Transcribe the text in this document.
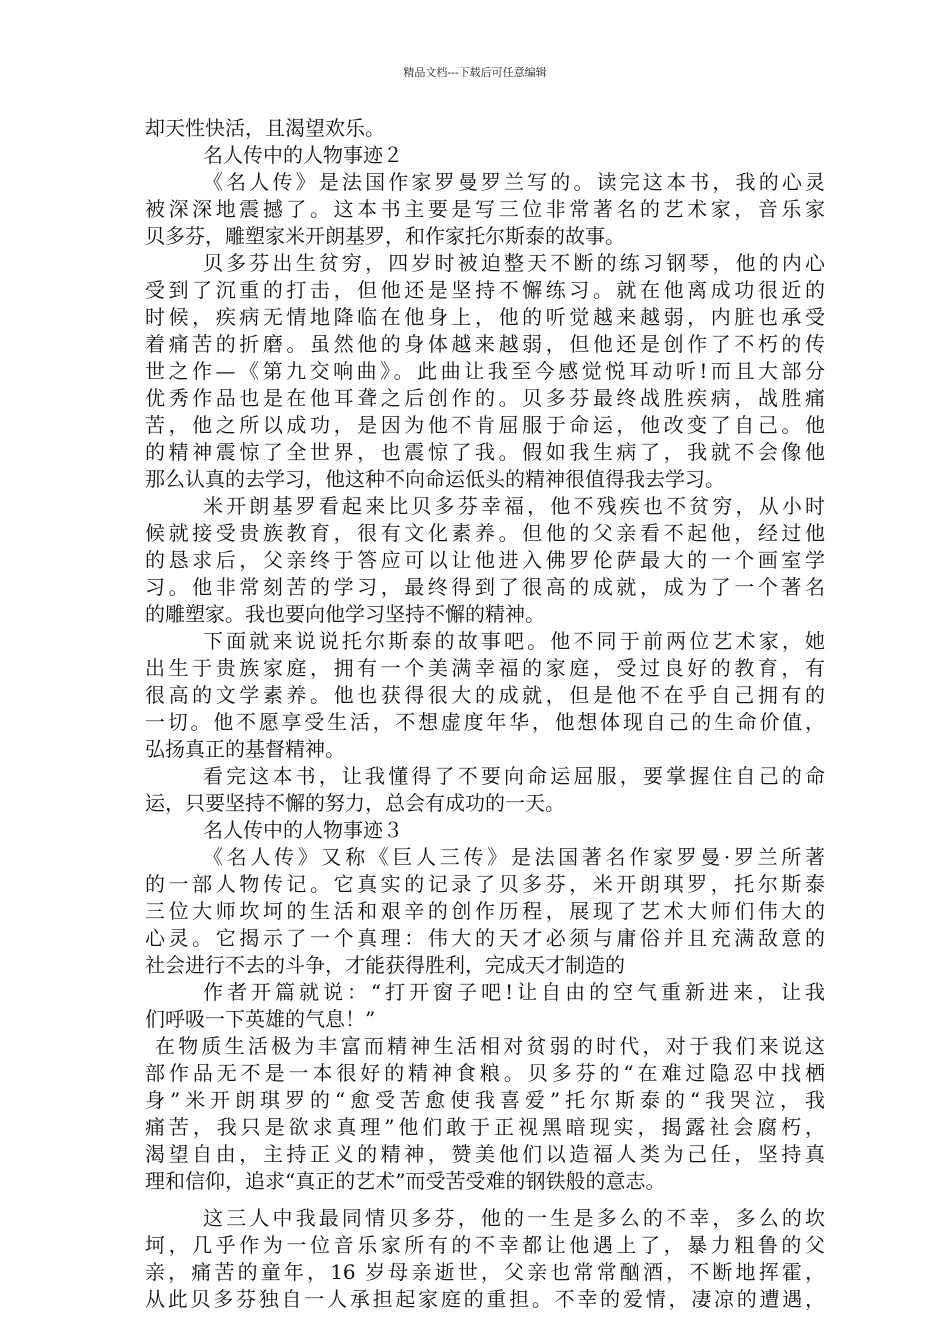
精品文档---下载后可任意编辑
却天性快活，且渴望欢乐。
名人传中的人物事迹２
《名人传》是法国作家罗曼罗兰写的。读完这本书，我的心灵
被深深地震撼了。这本书主要是写三位非常著名的艺术家，音乐家
贝多芬，雕塑家米开朗基罗，和作家托尔斯泰的故事。
贝多芬出生贫穷，四岁时被迫整天不断的练习钢琴，他的内心
受到了沉重的打击，但他还是坚持不懈练习。就在他离成功很近的
时候，疾病无情地降临在他身上，他的听觉越来越弱，内脏也承受
着痛苦的折磨。虽然他的身体越来越弱，但他还是创作了不朽的传
世之作—《第九交响曲》。此曲让我至今感觉悦耳动听!而且大部分
优秀作品也是在他耳聋之后创作的。贝多芬最终战胜疾病，战胜痛
苦，他之所以成功，是因为他不肯屈服于命运，他改变了自己。他
的精神震惊了全世界，也震惊了我。假如我生病了，我就不会像他
那么认真的去学习，他这种不向命运低头的精神很值得我去学习。
米开朗基罗看起来比贝多芬幸福，他不残疾也不贫穷，从小时
候就接受贵族教育，很有文化素养。但他的父亲看不起他，经过他
的恳求后，父亲终于答应可以让他进入佛罗伦萨最大的一个画室学
习。他非常刻苦的学习，最终得到了很高的成就，成为了一个著名
的雕塑家。我也要向他学习坚持不懈的精神。
下面就来说说托尔斯泰的故事吧。他不同于前两位艺术家，她
出生于贵族家庭，拥有一个美满幸福的家庭，受过良好的教育，有
很高的文学素养。他也获得很大的成就，但是他不在乎自己拥有的
一切。他不愿享受生活，不想虚度年华，他想体现自己的生命价值，
弘扬真正的基督精神。
看完这本书，让我懂得了不要向命运屈服，要掌握住自己的命
运，只要坚持不懈的努力，总会有成功的一天。
名人传中的人物事迹３
《名人传》又称《巨人三传》是法国著名作家罗曼·罗兰所著
的一部人物传记。它真实的记录了贝多芬，米开朗琪罗，托尔斯泰
三位大师坎坷的生活和艰辛的创作历程，展现了艺术大师们伟大的
心灵。它揭示了一个真理：伟大的天才必须与庸俗并且充满敌意的
社会进行不去的斗争，才能获得胜利，完成天才制造的
作者开篇就说：“打开窗子吧!让自由的空气重新进来，让我
们呼吸一下英雄的气息！”
在物质生活极为丰富而精神生活相对贫弱的时代，对于我们来说这
部作品无不是一本很好的精神食粮。贝多芬的“在难过隐忍中找栖
身”米开朗琪罗的“愈受苦愈使我喜爱”托尔斯泰的“我哭泣，我
痛苦，我只是欲求真理”他们敢于正视黑暗现实，揭露社会腐朽，
渴望自由，主持正义的精神，赞美他们以造福人类为己任，坚持真
理和信仰，追求“真正的艺术”而受苦受难的钢铁般的意志。
这三人中我最同情贝多芬，他的一生是多么的不幸，多么的坎
坷，几乎作为一位音乐家所有的不幸都让他遇上了，暴力粗鲁的父
亲，痛苦的童年，16 岁母亲逝世，父亲也常常酗酒，不断地挥霍，
从此贝多芬独自一人承担起家庭的重担。不幸的爱情，凄凉的遭遇，
